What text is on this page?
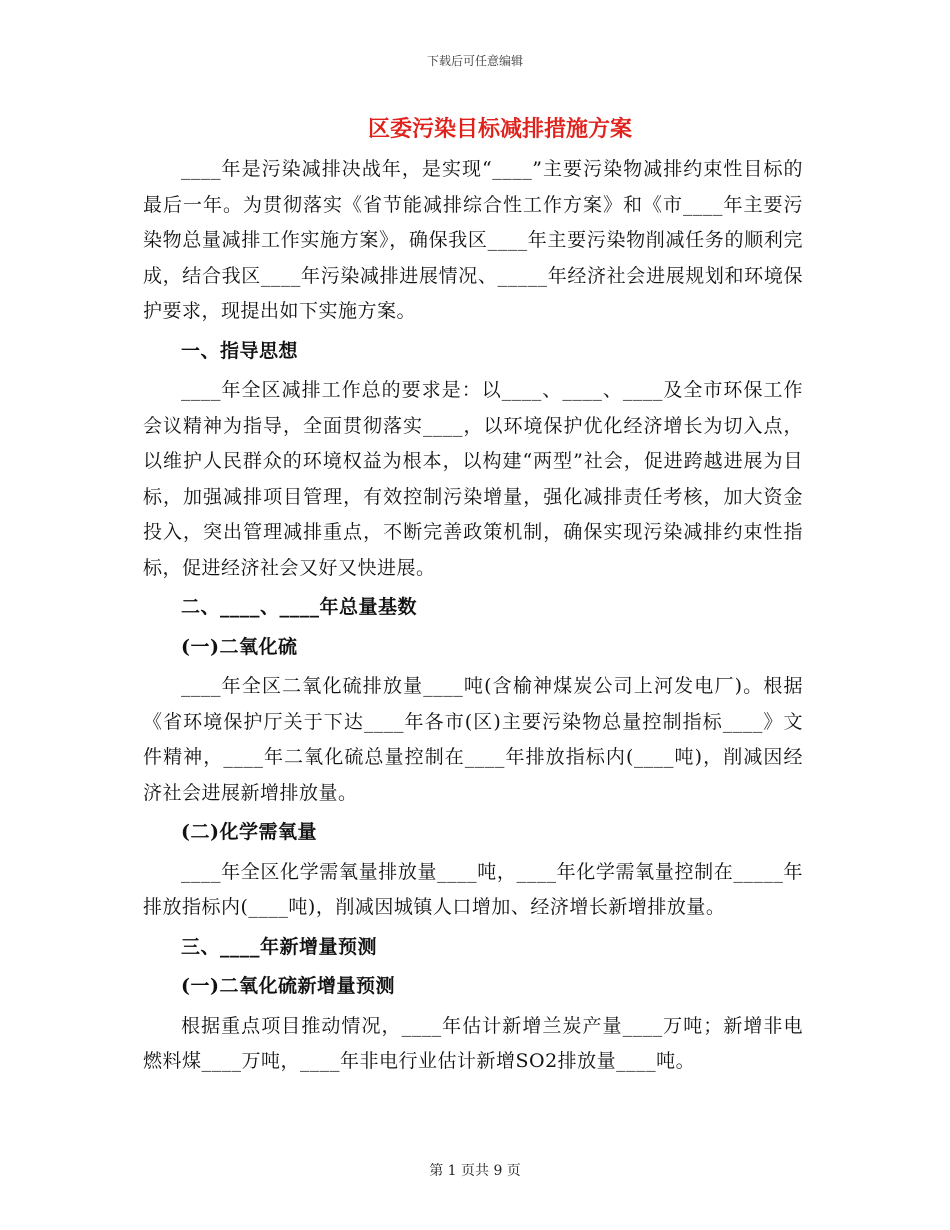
下载后可任意编辑
区委污染目标减排措施方案

____年是污染减排决战年，是实现“____”主要污染物减排约束性目标的最后一年。为贯彻落实《省节能减排综合性工作方案》和《市____年主要污染物总量减排工作实施方案》，确保我区____年主要污染物削减任务的顺利完成，结合我区____年污染减排进展情况、_____年经济社会进展规划和环境保护要求，现提出如下实施方案。

一、指导思想

____年全区减排工作总的要求是：以____、____、____及全市环保工作会议精神为指导，全面贯彻落实____，以环境保护优化经济增长为切入点，以维护人民群众的环境权益为根本，以构建“两型”社会，促进跨越进展为目标，加强减排项目管理，有效控制污染增量，强化减排责任考核，加大资金投入，突出管理减排重点，不断完善政策机制，确保实现污染减排约束性指标，促进经济社会又好又快进展。

二、____、____年总量基数
(一)二氧化硫

____年全区二氧化硫排放量____吨(含榆神煤炭公司上河发电厂)。根据《省环境保护厅关于下达____年各市(区)主要污染物总量控制指标____》文件精神，____年二氧化硫总量控制在____年排放指标内(____吨)，削减因经济社会进展新增排放量。

(二)化学需氧量

____年全区化学需氧量排放量____吨，____年化学需氧量控制在_____年排放指标内(____吨)，削减因城镇人口增加、经济增长新增排放量。

三、____年新增量预测
(一)二氧化硫新增量预测

根据重点项目推动情况，____年估计新增兰炭产量____万吨；新增非电燃料煤____万吨，____年非电行业估计新增SO2排放量____吨。

第 1 页共 9 页
